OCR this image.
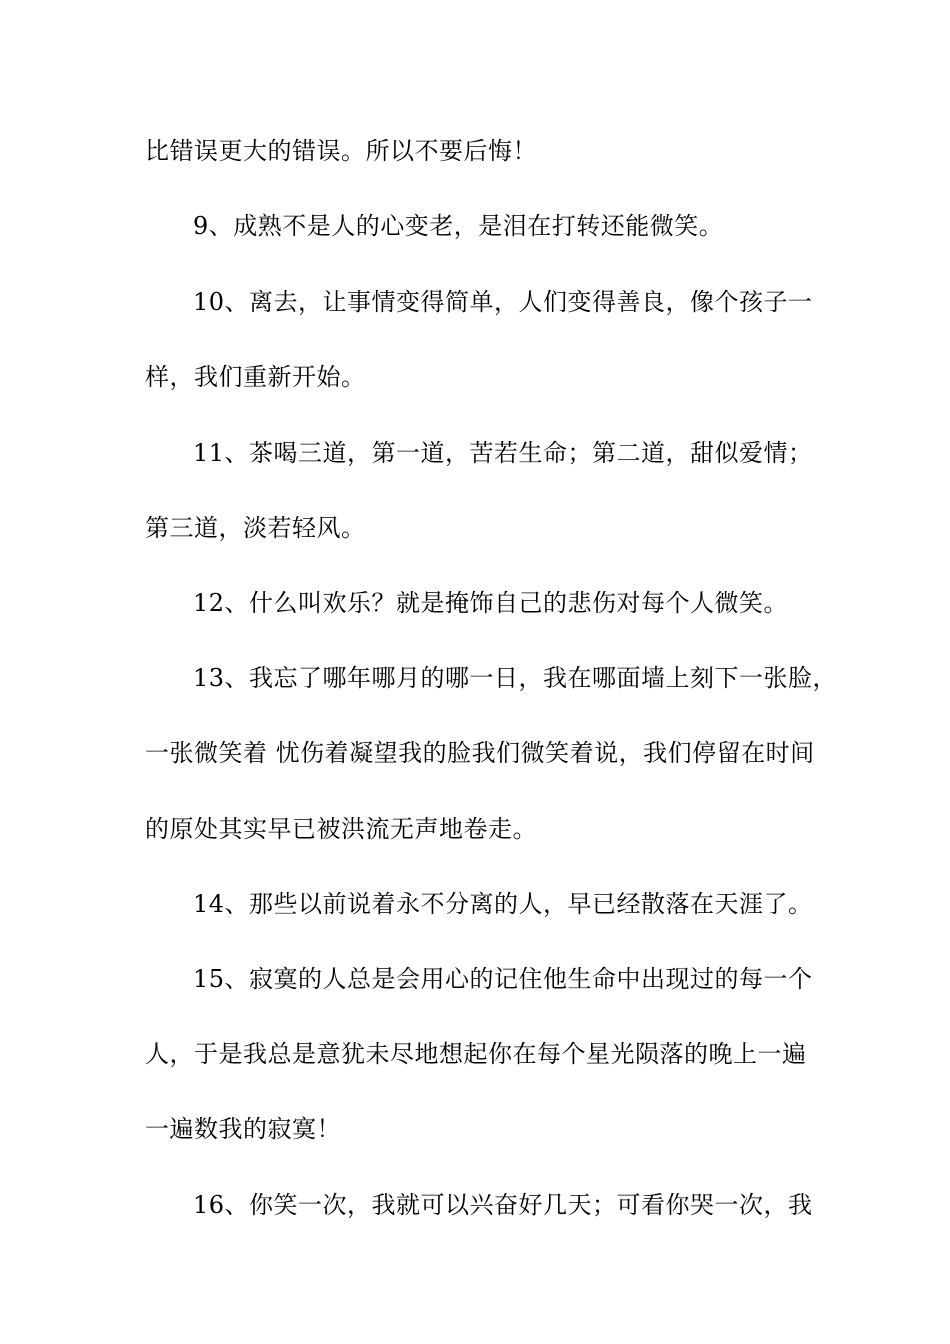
比错误更大的错误。所以不要后悔！
9、成熟不是人的心变老，是泪在打转还能微笑。
10、离去，让事情变得简单，人们变得善良，像个孩子一
样，我们重新开始。
11、茶喝三道，第一道，苦若生命；第二道，甜似爱情；
第三道，淡若轻风。
12、什么叫欢乐？就是掩饰自己的悲伤对每个人微笑。
13、我忘了哪年哪月的哪一日，我在哪面墙上刻下一张脸，
一张微笑着 忧伤着凝望我的脸我们微笑着说，我们停留在时间
的原处其实早已被洪流无声地卷走。
14、那些以前说着永不分离的人，早已经散落在天涯了。
15、寂寞的人总是会用心的记住他生命中出现过的每一个
人，于是我总是意犹未尽地想起你在每个星光陨落的晚上一遍
一遍数我的寂寞！
16、你笑一次，我就可以兴奋好几天；可看你哭一次，我
